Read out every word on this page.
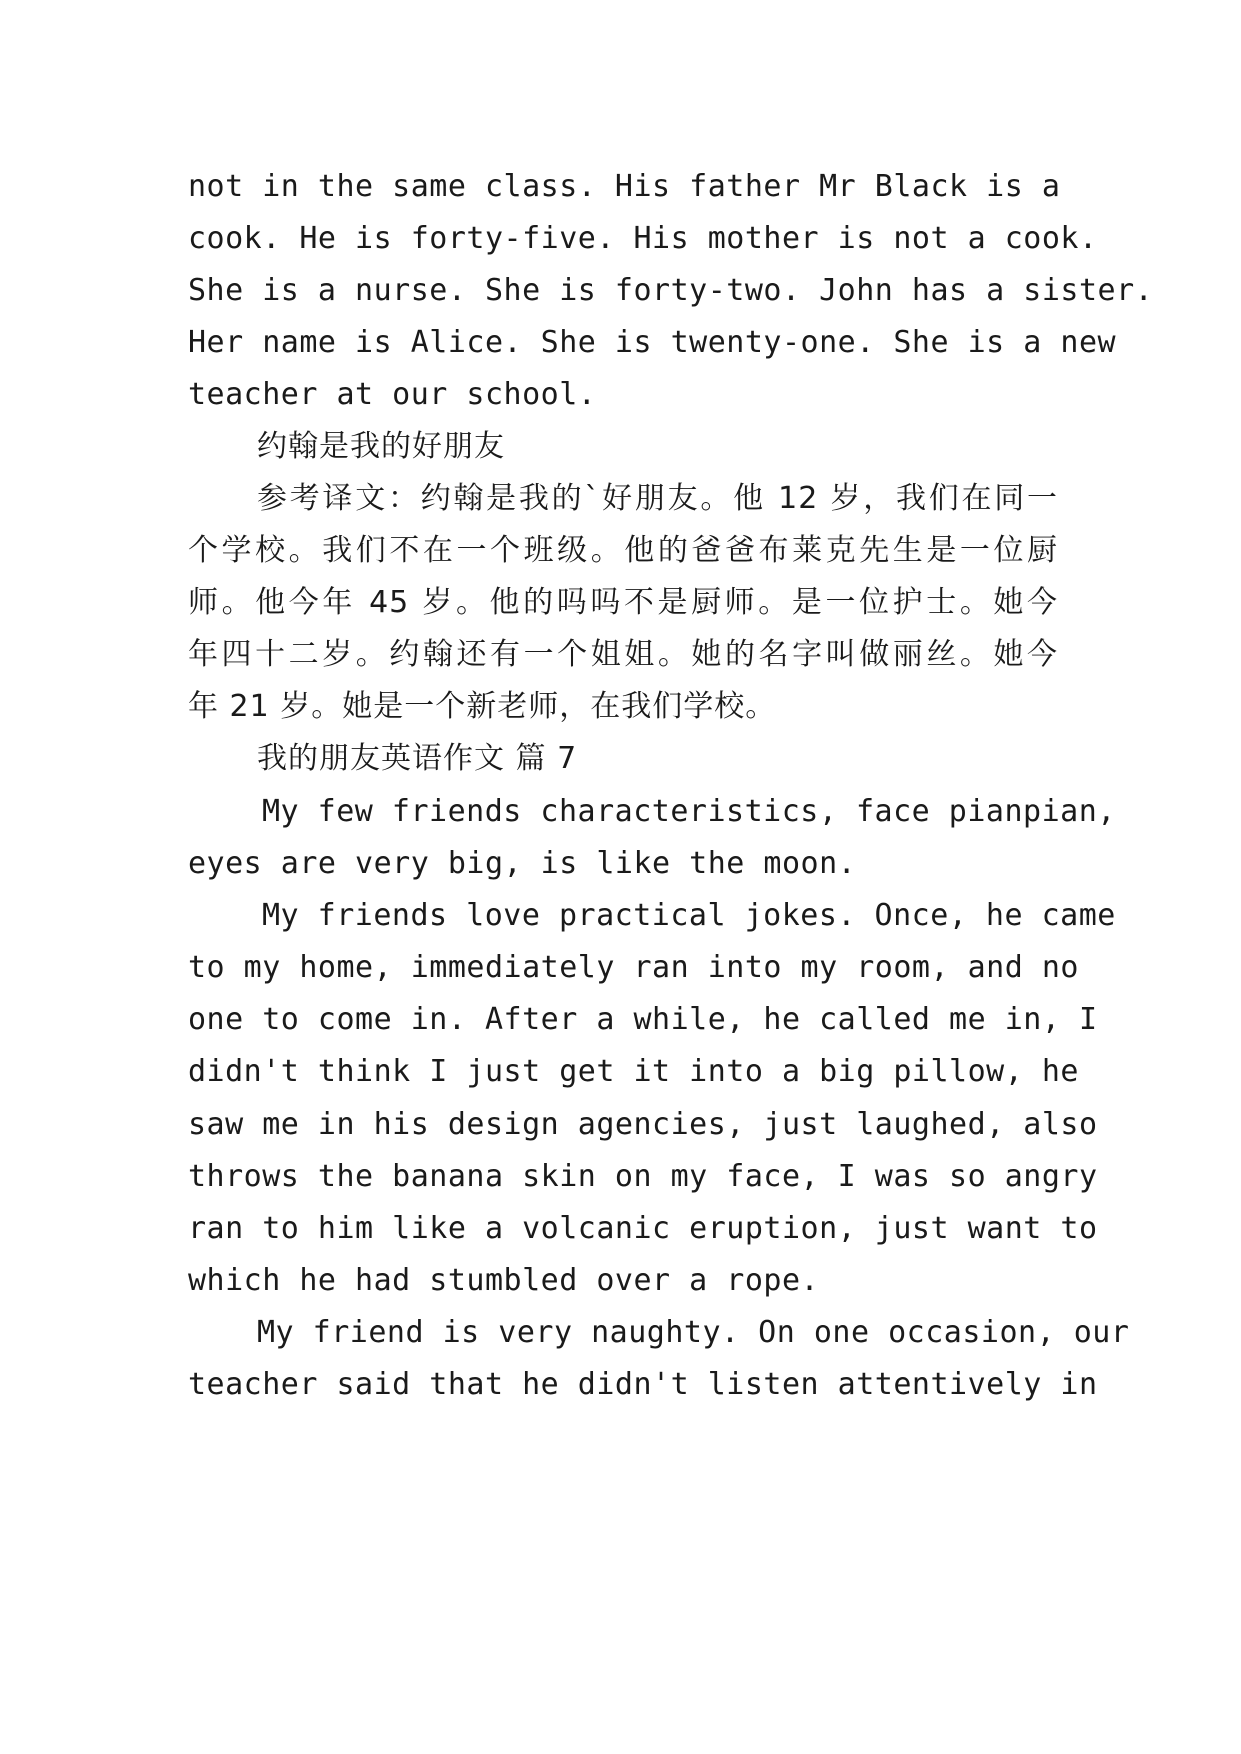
not in the same class. His father Mr Black is a
cook. He is forty-five. His mother is not a cook.
She is a nurse. She is forty-two. John has a sister.
Her name is Alice. She is twenty-one. She is a new
teacher at our school.
约翰是我的好朋友
参考译文：约翰是我的`好朋友。他 12 岁，我们在同一
个学校。我们不在一个班级。他的爸爸布莱克先生是一位厨
师。他今年 45 岁。他的吗吗不是厨师。是一位护士。她今
年四十二岁。约翰还有一个姐姐。她的名字叫做丽丝。她今
年 21 岁。她是一个新老师，在我们学校。
我的朋友英语作文 篇 7
My few friends characteristics, face pianpian,
eyes are very big, is like the moon.
My friends love practical jokes. Once, he came
to my home, immediately ran into my room, and no
one to come in. After a while, he called me in, I
didn't think I just get it into a big pillow, he
saw me in his design agencies, just laughed, also
throws the banana skin on my face, I was so angry
ran to him like a volcanic eruption, just want to
which he had stumbled over a rope.
My friend is very naughty. On one occasion, our
teacher said that he didn't listen attentively in
